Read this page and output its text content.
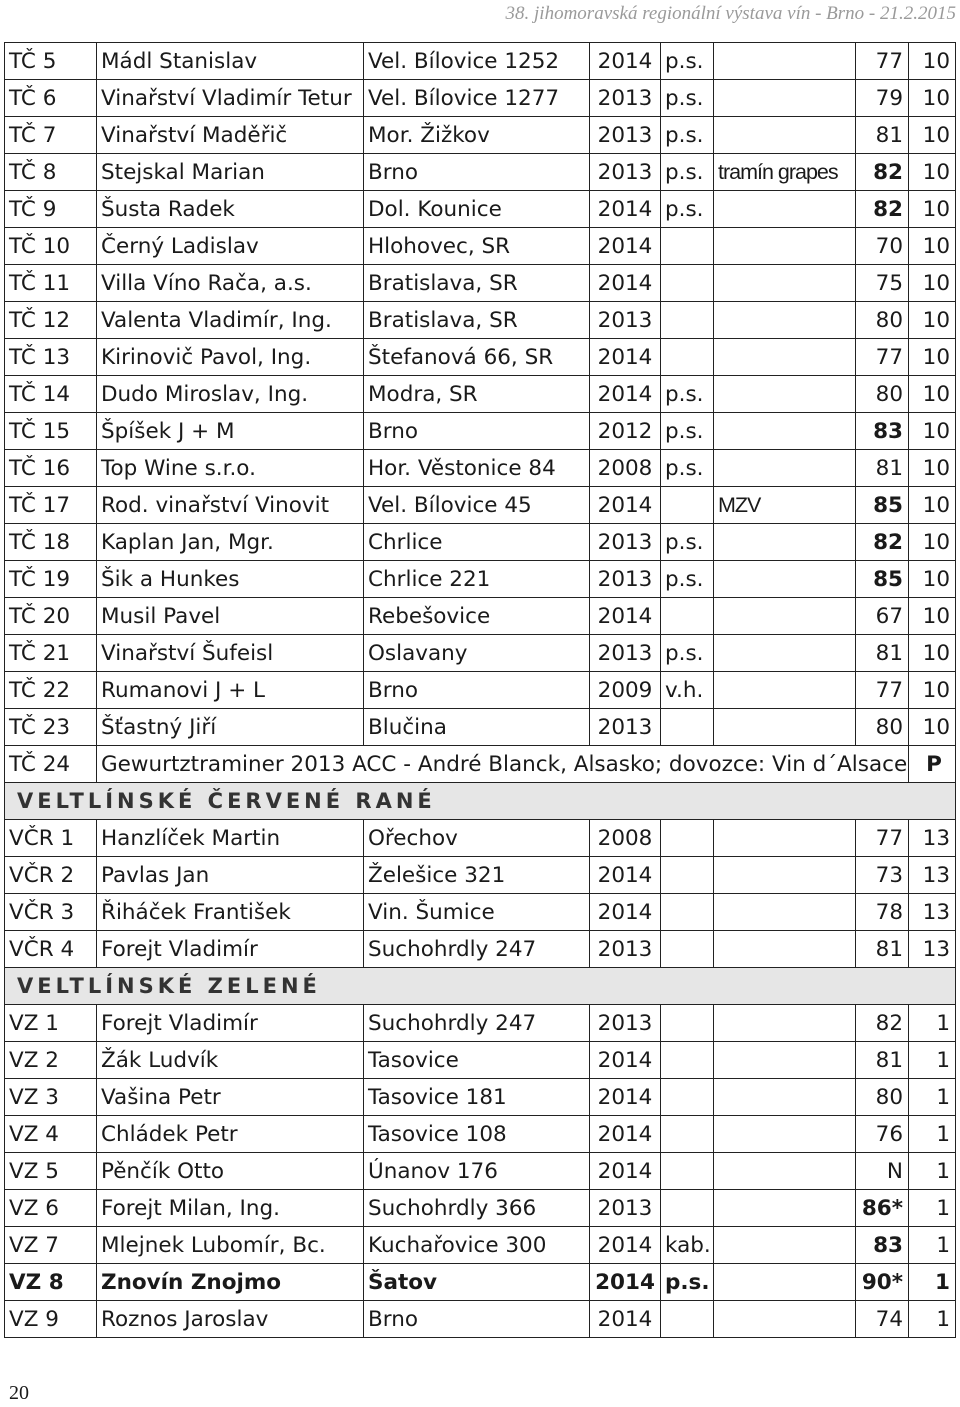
38. jihomoravská regionální výstava vín - Brno - 21.2.2015
TČ 5	Mádl Stanislav	Vel. Bílovice 1252	2014	p.s.		77	10
TČ 6	Vinařství Vladimír Tetur	Vel. Bílovice 1277	2013	p.s.		79	10
TČ 7	Vinařství Maděřič	Mor. Žižkov	2013	p.s.		81	10
TČ 8	Stejskal Marian	Brno	2013	p.s.	tramín grapes	82	10
TČ 9	Šusta Radek	Dol. Kounice	2014	p.s.		82	10
TČ 10	Černý Ladislav	Hlohovec, SR	2014			70	10
TČ 11	Villa Víno Rača, a.s.	Bratislava, SR	2014			75	10
TČ 12	Valenta Vladimír, Ing.	Bratislava, SR	2013			80	10
TČ 13	Kirinovič Pavol, Ing.	Štefanová 66, SR	2014			77	10
TČ 14	Dudo Miroslav, Ing.	Modra, SR	2014	p.s.		80	10
TČ 15	Špíšek J + M	Brno	2012	p.s.		83	10
TČ 16	Top Wine s.r.o.	Hor. Věstonice 84	2008	p.s.		81	10
TČ 17	Rod. vinařství Vinovit	Vel. Bílovice 45	2014		MZV	85	10
TČ 18	Kaplan Jan, Mgr.	Chrlice	2013	p.s.		82	10
TČ 19	Šik a Hunkes	Chrlice 221	2013	p.s.		85	10
TČ 20	Musil Pavel	Rebešovice	2014			67	10
TČ 21	Vinařství Šufeisl	Oslavany	2013	p.s.		81	10
TČ 22	Rumanovi J + L	Brno	2009	v.h.		77	10
TČ 23	Šťastný Jiří	Blučina	2013			80	10
TČ 24	Gewurtztraminer 2013 ACC - André Blanck, Alsasko; dovozce: Vin d´Alsace						P
VELTLÍNSKÉ ČERVENÉ RANÉ							
VČR 1	Hanzlíček Martin	Ořechov	2008			77	13
VČR 2	Pavlas Jan	Želešice 321	2014			73	13
VČR 3	Řiháček František	Vin. Šumice	2014			78	13
VČR 4	Forejt Vladimír	Suchohrdly 247	2013			81	13
VELTLÍNSKÉ ZELENÉ							
VZ 1	Forejt Vladimír	Suchohrdly 247	2013			82	1
VZ 2	Žák Ludvík	Tasovice	2014			81	1
VZ 3	Vašina Petr	Tasovice 181	2014			80	1
VZ 4	Chládek Petr	Tasovice 108	2014			76	1
VZ 5	Pěnčík Otto	Únanov 176	2014			N	1
VZ 6	Forejt Milan, Ing.	Suchohrdly 366	2013			86*	1
VZ 7	Mlejnek Lubomír, Bc.	Kuchařovice 300	2014	kab.		83	1
VZ 8	Znovín Znojmo	Šatov	2014	p.s.		90*	1
VZ 9	Roznos Jaroslav	Brno	2014			74	1
20
